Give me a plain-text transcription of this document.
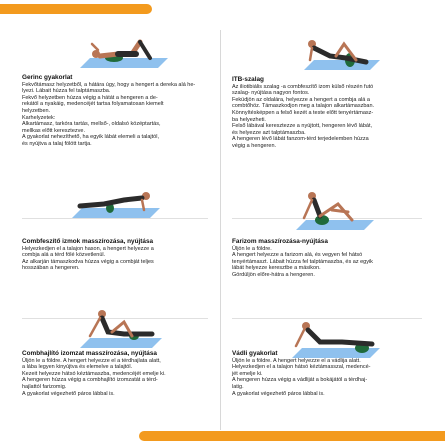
Gerinc gyakorlat
Fekvőtámasz helyzetből, a hátára úgy, hogy a hengert a dereka alá he-
lyezi. Lábait húzza fel talptámaszba.
Fekvő helyzetben húzza végig a hátát a hengeren a de-
rekától a nyakáig, medencéjét tartsa folyamatosan kiemelt
helyzetben.
Karhelyzetek:
Alkartámasz, tarkóra tartás, mellső-, oldalsó középtartás,
mellkas előtt keresztezve.
A gyakorlat nehezíthető, ha egyik lábát elemeli a talajtól,
és nyújtva a talaj fölött tartja.
ITB-szalag
Az iliotibiális szalag -a combfeszítő izom külső részén futó
szalag- nyújtása nagyon fontos.
Feküdjön az oldalára, helyezze a hengert a combja alá a
combtőhöz. Támaszkodjon meg a talajon alkartámaszban.
Könnyítésképpen a felső kezét a teste előtt tenyértámasz-
ba helyezheti.
Felső lábával keresztezze a nyújtott, hengeren lévő lábát,
és helyezze azt talptámaszba.
A hengeren lévő lábát fanzom-térd terjedelemben húzza
végig a hengeren.
Combfeszítő izmok masszírozása, nyújtása
Helyezkedjen el a talajon hason, a hengert helyezze a
combja alá a térd fölé közvetlenül.
Az alkarján támaszkodva húzza végig a combját teljes
hosszában a hengeren.
Farizom masszírozása-nyújtása
Üljön le a földre.
A hengert helyezze a farizom alá, és vegyen fel hátsó
tenyértámaszt. Lábait húzza fel talptámaszba, és az egyik
lábát helyezze keresztbe a másikon.
Gördüljön előre-hátra a hengeren.
Combhajlító izomzat masszírozása, nyújtása
Üljön le a földre. A hengert helyezze el a térdhajlata alatt,
a lába legyen kinyújtva és elemelve a talajtól.
Kezeit helyezze hátsó kéztámaszba, medencéjét emelje ki.
A hengeren húzza végig a combhajlító izomzatát a térd-
hajlattól farizomig.
A gyakorlat végezhető páros lábbal is.
Vádli gyakorlat
Üljön le a földre. A hengert helyezze el a vádlija alatt.
Helyezkedjen el a talajon hátsó kéztámasszal, medencé-
jét emelje ki.
A hengeren húzza végig a vádliját a bokájától a térdhaj-
latig.
A gyakorlat végezhető páros lábbal is.
